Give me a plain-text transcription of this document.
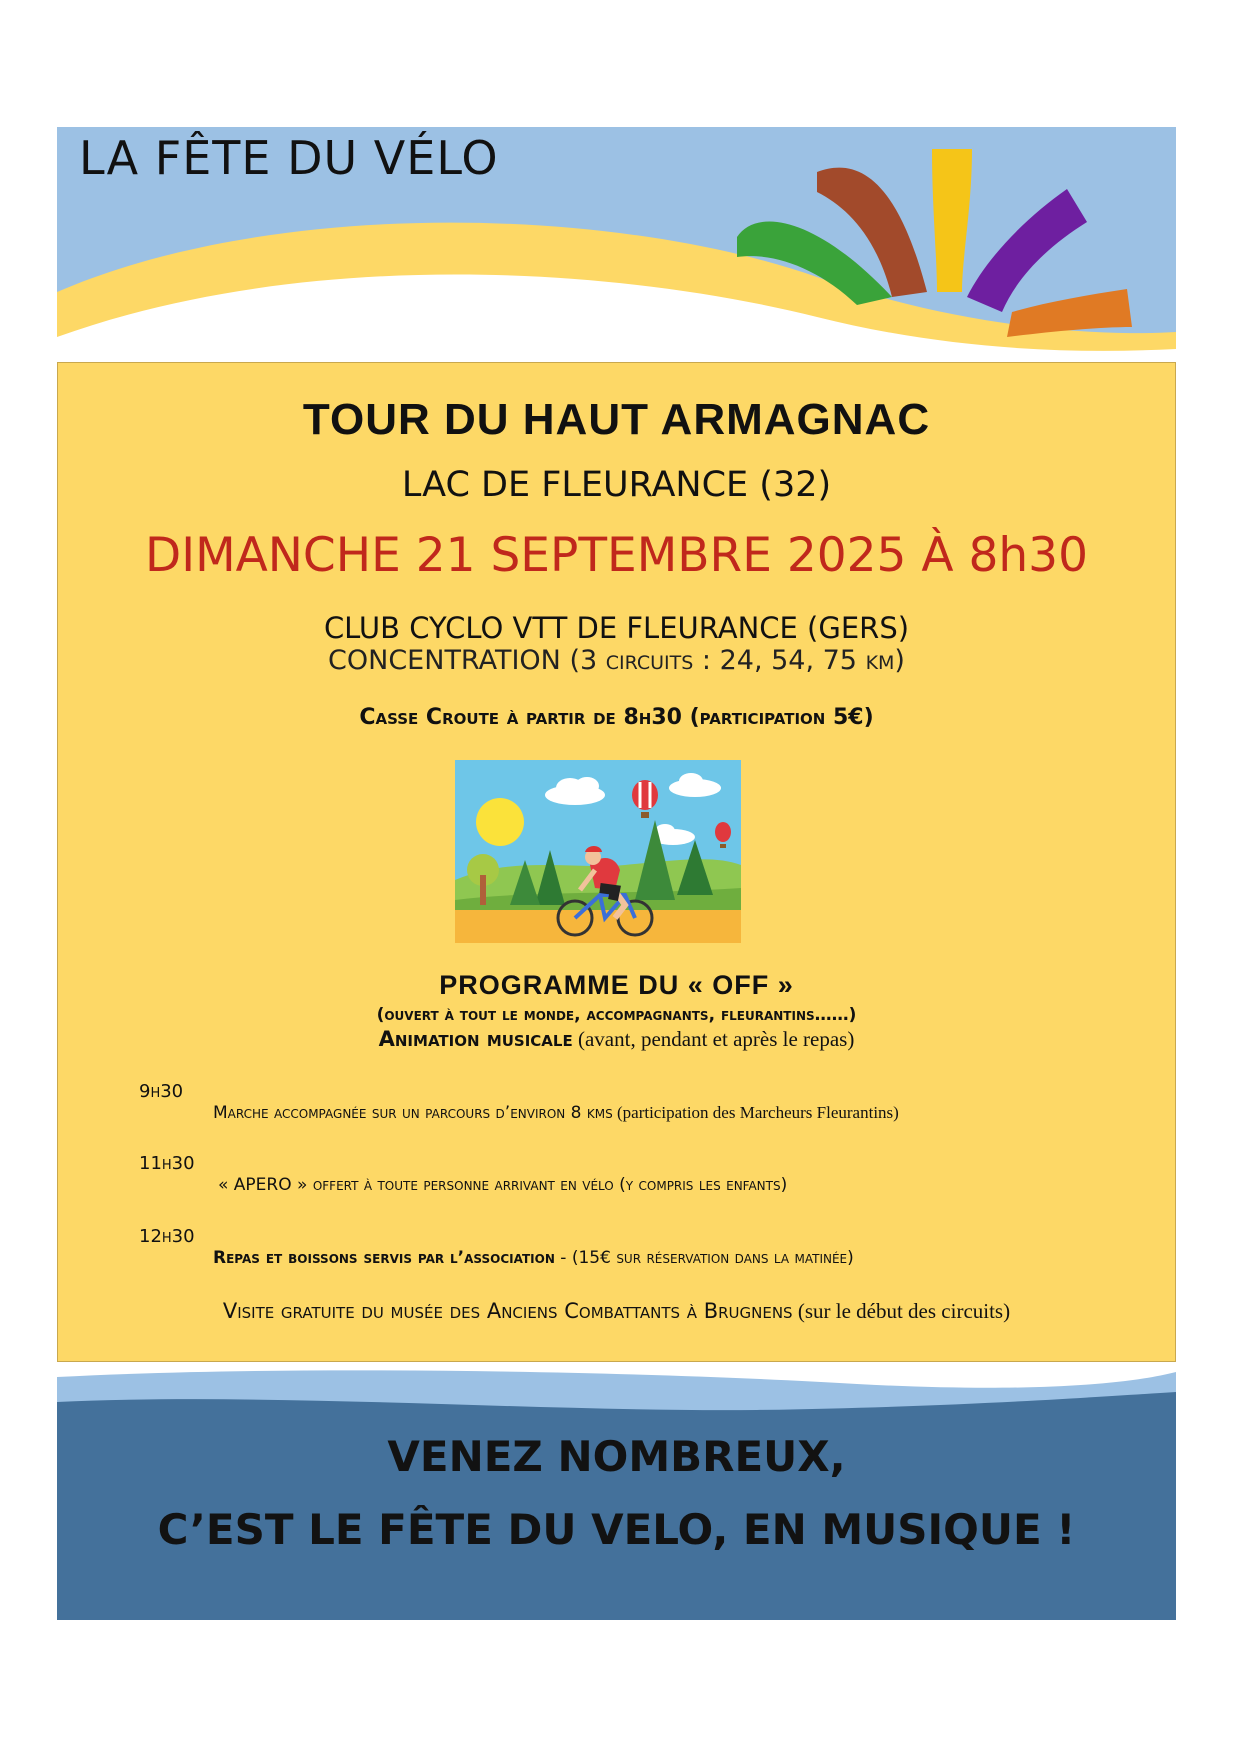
LA FÊTE DU VÉLO
TOUR DU HAUT ARMAGNAC
LAC DE FLEURANCE (32)
DIMANCHE 21 SEPTEMBRE 2025 À 8h30
CLUB CYCLO VTT DE FLEURANCE (GERS)
CONCENTRATION (3 circuits : 24, 54, 75 km)
Casse Croute à partir de 8h30 (participation 5€)
PROGRAMME DU « OFF »
(ouvert à tout le monde, accompagnants, fleurantins……)
Animation musicale (avant, pendant et après le repas)
9h30
Marche accompagnée sur un parcours d’environ 8 kms (participation des Marcheurs Fleurantins)
11h30
« APERO » offert à toute personne arrivant en vélo (y compris les enfants)
12h30
Repas et boissons servis par l’association - (15€ sur réservation dans la matinée)
Visite gratuite du musée des Anciens Combattants à Brugnens (sur le début des circuits)
VENEZ NOMBREUX,
C’EST LE FÊTE DU VELO, EN MUSIQUE !
